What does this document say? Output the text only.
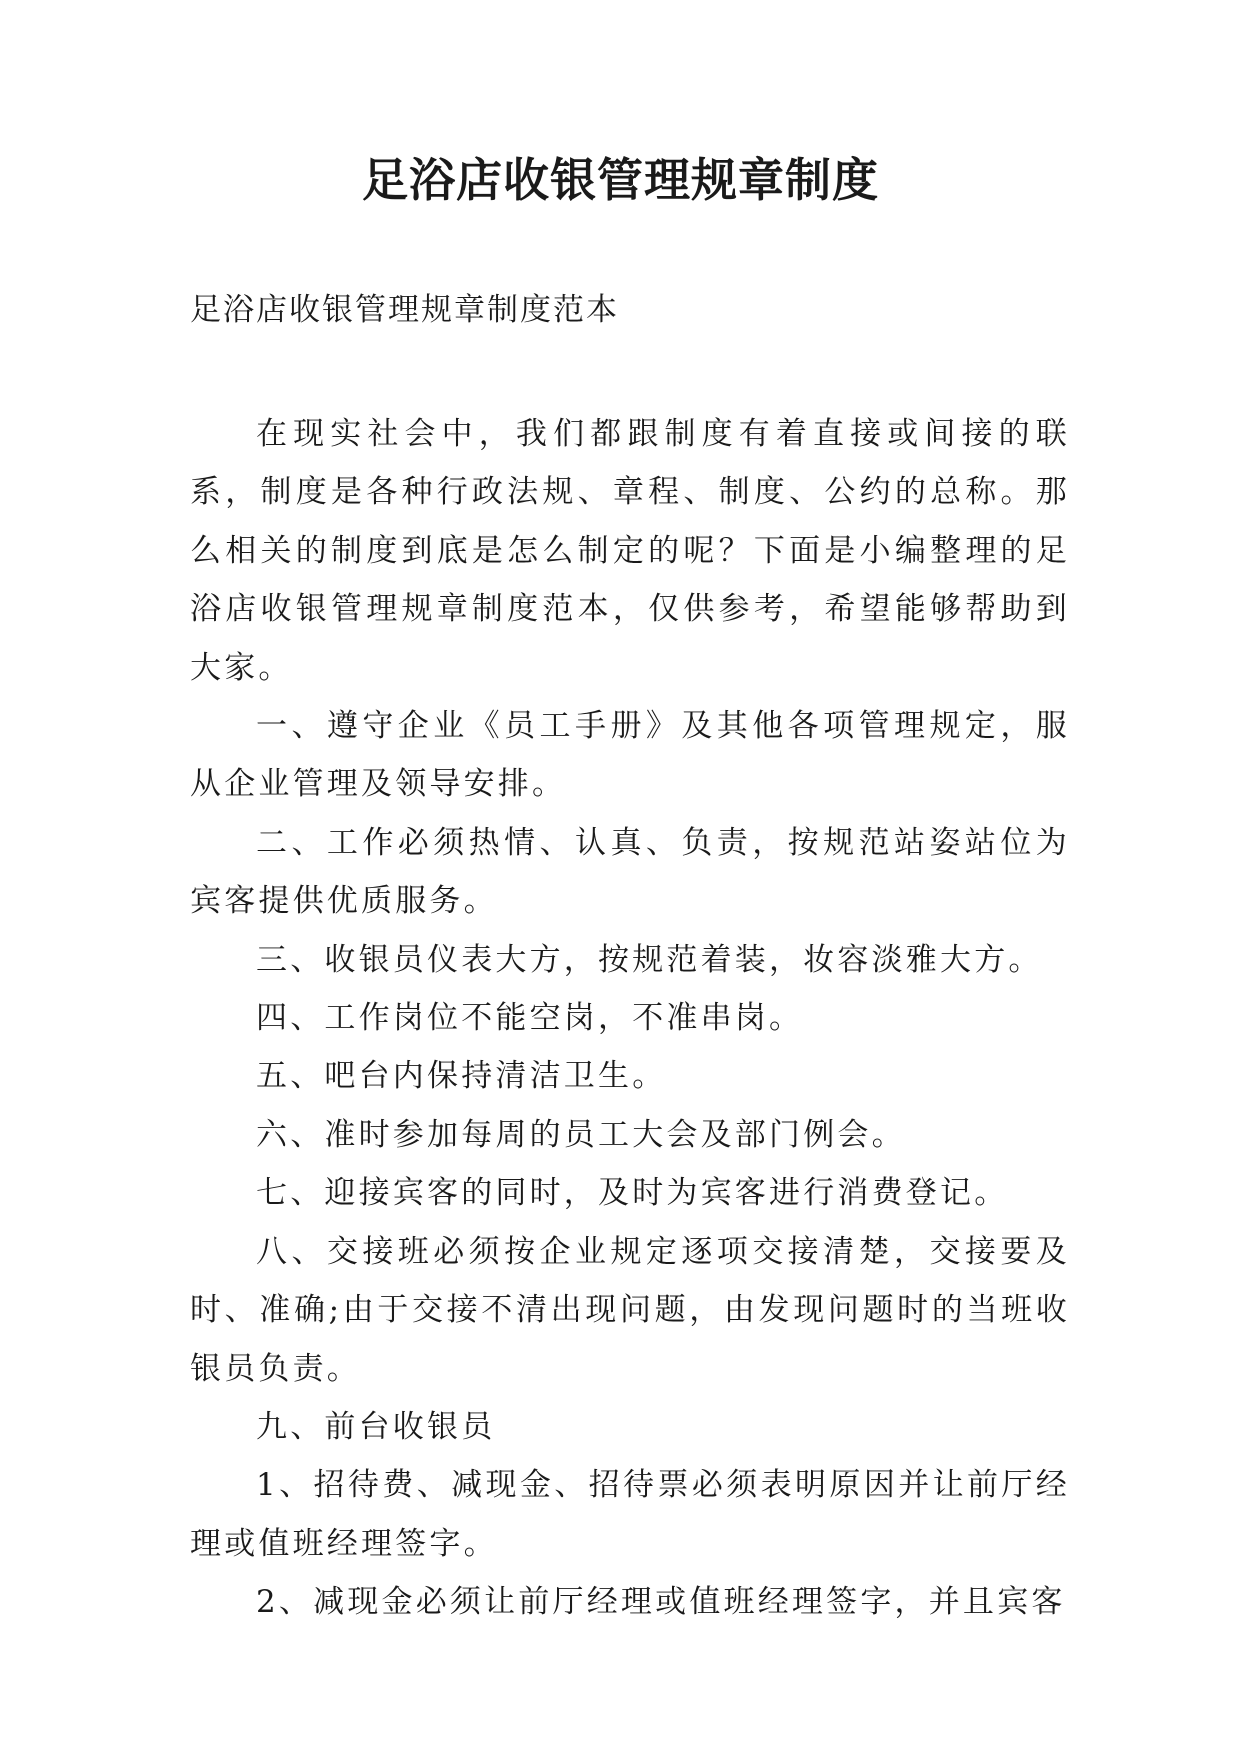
足浴店收银管理规章制度

足浴店收银管理规章制度范本

在现实社会中，我们都跟制度有着直接或间接的联系，制度是各种行政法规、章程、制度、公约的总称。那么相关的制度到底是怎么制定的呢？下面是小编整理的足浴店收银管理规章制度范本，仅供参考，希望能够帮助到大家。

一、遵守企业《员工手册》及其他各项管理规定，服从企业管理及领导安排。

二、工作必须热情、认真、负责，按规范站姿站位为宾客提供优质服务。

三、收银员仪表大方，按规范着装，妆容淡雅大方。

四、工作岗位不能空岗，不准串岗。

五、吧台内保持清洁卫生。

六、准时参加每周的员工大会及部门例会。

七、迎接宾客的同时，及时为宾客进行消费登记。

八、交接班必须按企业规定逐项交接清楚，交接要及时、准确;由于交接不清出现问题，由发现问题时的当班收银员负责。

九、前台收银员

1、招待费、减现金、招待票必须表明原因并让前厅经理或值班经理签字。

2、减现金必须让前厅经理或值班经理签字，并且宾客
